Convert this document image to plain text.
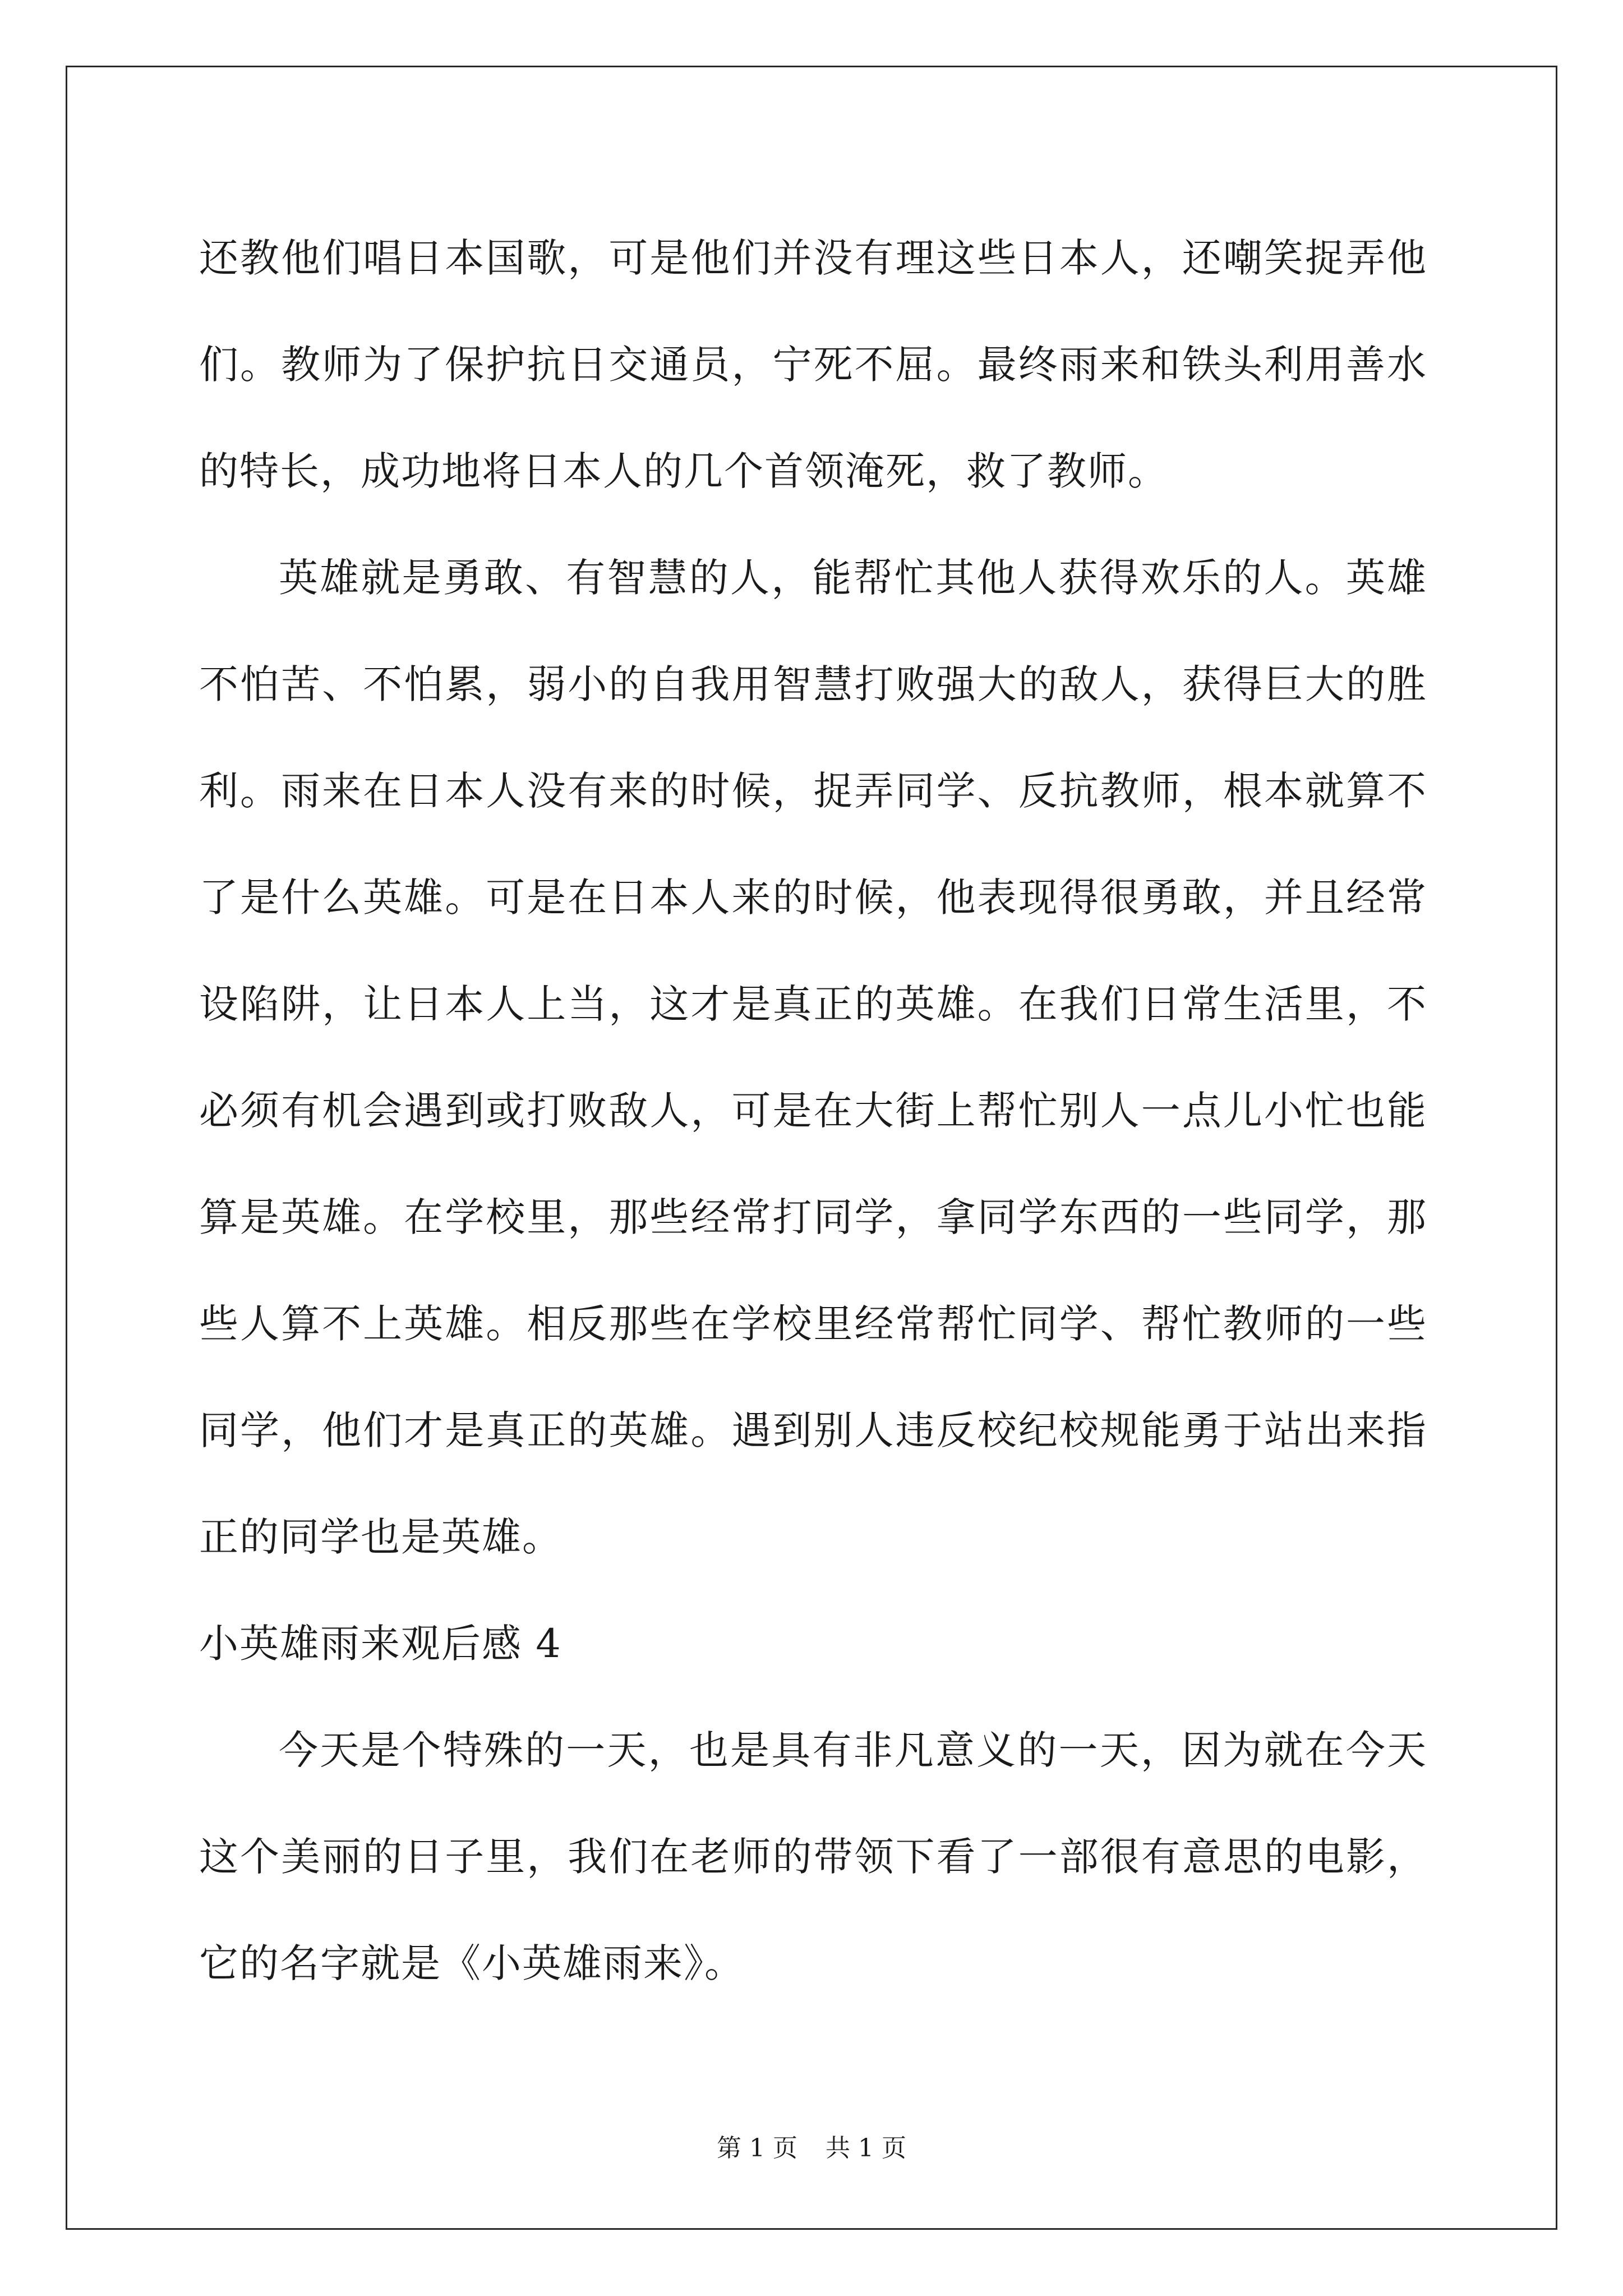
还教他们唱日本国歌，可是他们并没有理这些日本人，还嘲笑捉弄他们。教师为了保护抗日交通员，宁死不屈。最终雨来和铁头利用善水的特长，成功地将日本人的几个首领淹死，救了教师。

英雄就是勇敢、有智慧的人，能帮忙其他人获得欢乐的人。英雄不怕苦、不怕累，弱小的自我用智慧打败强大的敌人，获得巨大的胜利。雨来在日本人没有来的时候，捉弄同学、反抗教师，根本就算不了是什么英雄。可是在日本人来的时候，他表现得很勇敢，并且经常设陷阱，让日本人上当，这才是真正的英雄。在我们日常生活里，不必须有机会遇到或打败敌人，可是在大街上帮忙别人一点儿小忙也能算是英雄。在学校里，那些经常打同学，拿同学东西的一些同学，那些人算不上英雄。相反那些在学校里经常帮忙同学、帮忙教师的一些同学，他们才是真正的英雄。遇到别人违反校纪校规能勇于站出来指正的同学也是英雄。

小英雄雨来观后感 4

今天是个特殊的一天，也是具有非凡意义的一天，因为就在今天这个美丽的日子里，我们在老师的带领下看了一部很有意思的电影，它的名字就是《小英雄雨来》。

第 1 页 共 1 页
